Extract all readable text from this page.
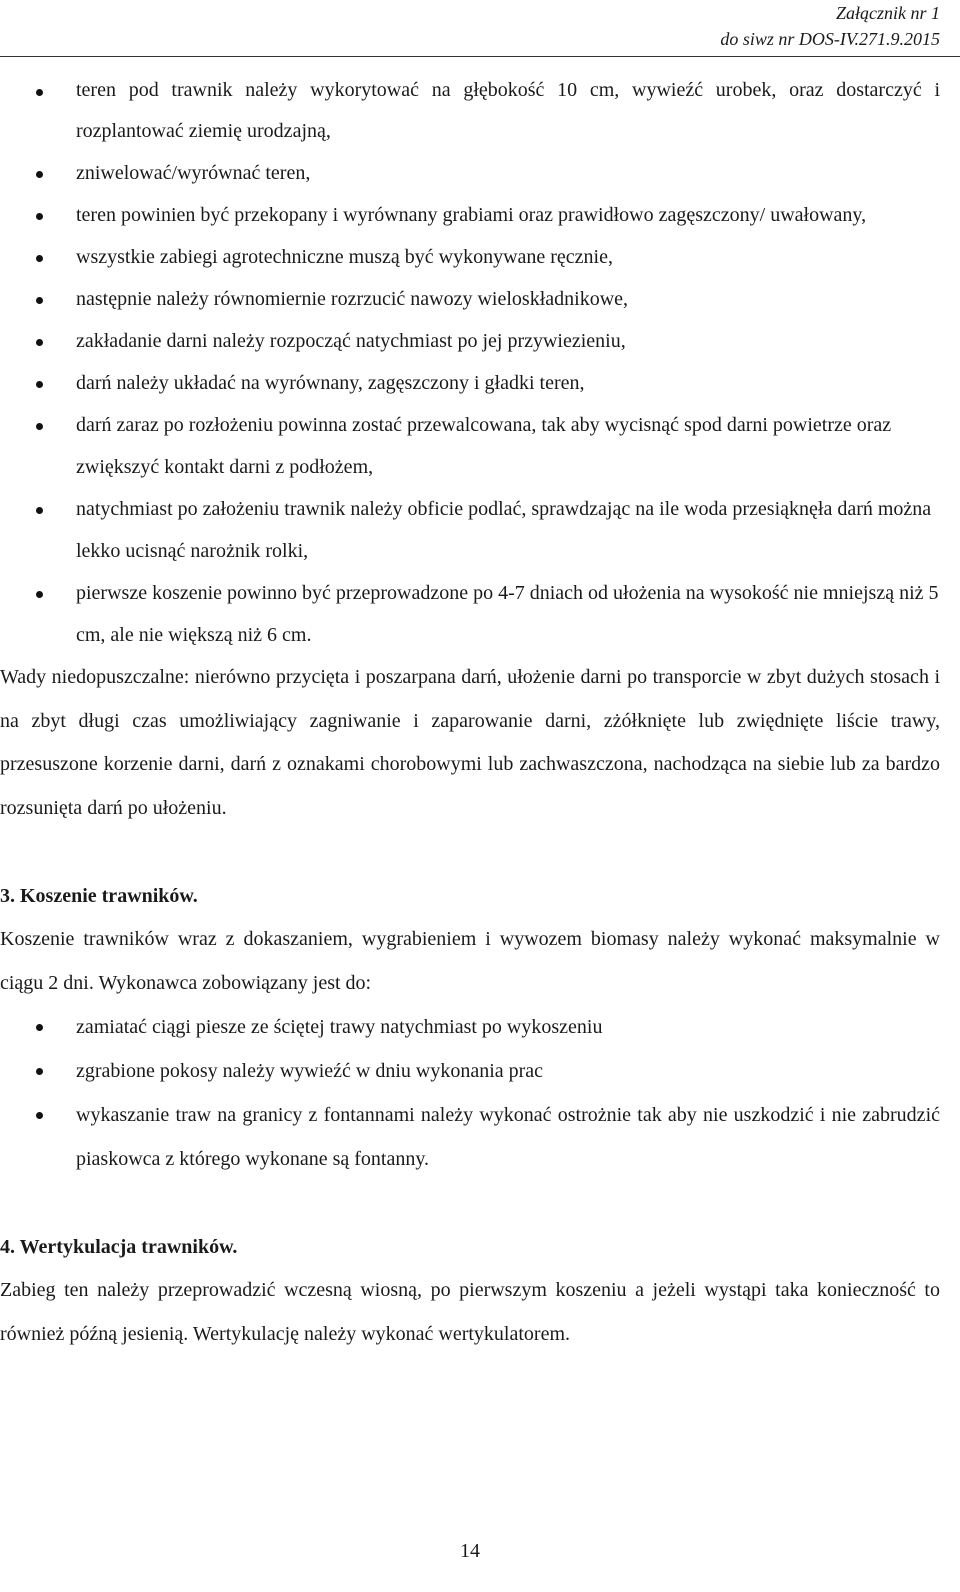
Załącznik nr 1
do siwz nr DOS-IV.271.9.2015
teren pod trawnik należy wykorytować na głębokość 10 cm, wywieźć urobek, oraz dostarczyć i rozplantować ziemię urodzajną,
zniwelować/wyrównać teren,
teren powinien być przekopany i wyrównany grabiami oraz prawidłowo zagęszczony/ uwałowany,
wszystkie zabiegi agrotechniczne muszą być wykonywane ręcznie,
następnie należy równomiernie rozrzucić nawozy wieloskładnikowe,
zakładanie darni należy rozpocząć natychmiast po jej przywiezieniu,
darń należy układać na wyrównany, zagęszczony i gładki teren,
darń zaraz po rozłożeniu powinna zostać przewalcowana, tak aby wycisnąć spod darni powietrze oraz zwiększyć kontakt darni z podłożem,
natychmiast po założeniu trawnik należy obficie podlać, sprawdzając na ile woda przesiąknęła darń można lekko ucisnąć narożnik rolki,
pierwsze koszenie powinno być przeprowadzone po 4-7 dniach od ułożenia na wysokość nie mniejszą niż 5 cm, ale nie większą niż 6 cm.

Wady niedopuszczalne: nierówno przycięta i poszarpana darń, ułożenie darni po transporcie w zbyt dużych stosach i na zbyt długi czas umożliwiający zagniwanie i zaparowanie darni, zżółknięte lub zwiędnięte liście trawy, przesuszone korzenie darni, darń z oznakami chorobowymi lub zachwaszczona, nachodząca na siebie lub za bardzo rozsunięta darń po ułożeniu.

3. Koszenie trawników.

Koszenie trawników wraz z dokaszaniem, wygrabieniem i wywozem biomasy należy wykonać maksymalnie w ciągu 2 dni. Wykonawca zobowiązany jest do:

zamiatać ciągi piesze ze ściętej trawy natychmiast po wykoszeniu
zgrabione pokosy należy wywieźć w dniu wykonania prac
wykaszanie traw na granicy z fontannami należy wykonać ostrożnie tak aby nie uszkodzić i nie zabrudzić piaskowca z którego wykonane są fontanny.

4. Wertykulacja trawników.

Zabieg ten należy przeprowadzić wczesną wiosną, po pierwszym koszeniu a jeżeli wystąpi taka konieczność to również późną jesienią. Wertykulację należy wykonać wertykulatorem.

14
